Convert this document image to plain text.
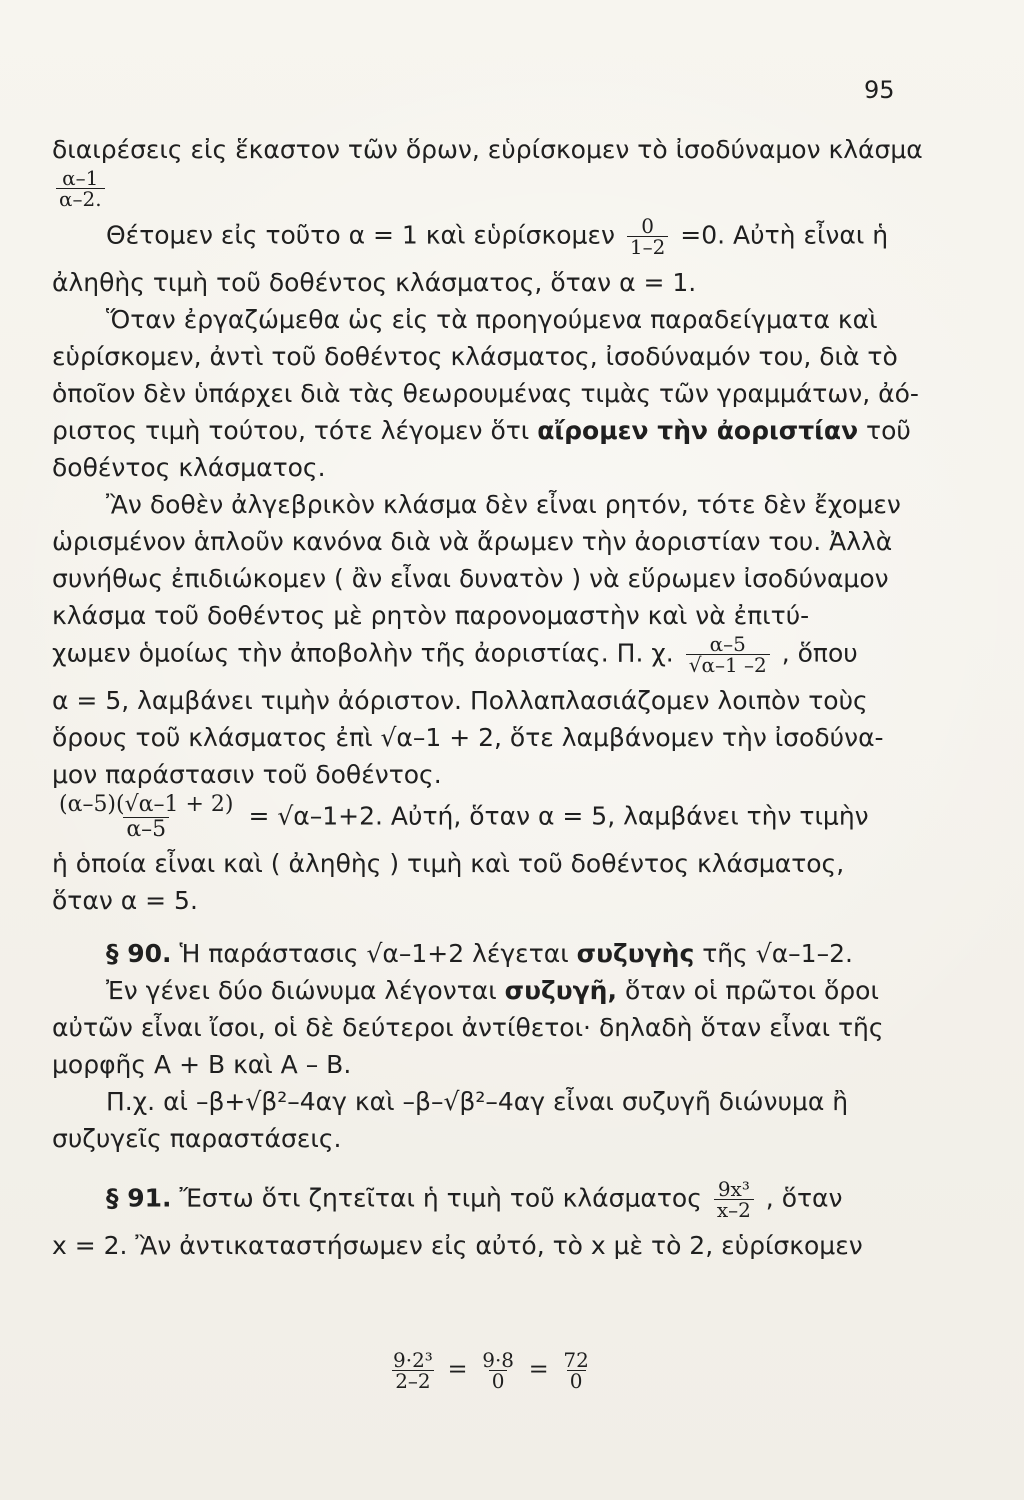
95
διαιρέσεις εἰς ἕκαστον τῶν ὅρων, εὑρίσκομεν τὸ ἰσοδύναμον κλάσμα
$\frac{\alpha-1}{\alpha-2.}$
Θέτομεν εἰς τοῦτο α = 1 καὶ εὑρίσκομεν $\frac{0}{1-2} =0$. Αὐτὴ εἶναι ἡ
ἀληθὴς τιμὴ τοῦ δοθέντος κλάσματος, ὅταν α = 1.
Ὅταν ἐργαζώμεθα ὡς εἰς τὰ προηγούμενα παραδείγματα καὶ
εὑρίσκομεν, ἀντὶ τοῦ δοθέντος κλάσματος, ἰσοδύναμόν του, διὰ τὸ
ὁποῖον δὲν ὑπάρχει διὰ τὰς θεωρουμένας τιμὰς τῶν γραμμάτων, ἀό-
ριστος τιμὴ τούτου, τότε λέγομεν ὅτι αἴρομεν τὴν ἀοριστίαν τοῦ
δοθέντος κλάσματος.
Ἂν δοθὲν ἀλγεβρικὸν κλάσμα δὲν εἶναι ρητόν, τότε δὲν ἔχομεν
ὡρισμένον ἁπλοῦν κανόνα διὰ νὰ ἄρωμεν τὴν ἀοριστίαν του. Ἀλλὰ
συνήθως ἐπιδιώκομεν ( ἂν εἶναι δυνατὸν ) νὰ εὕρωμεν ἰσοδύναμον
κλάσμα τοῦ δοθέντος μὲ ρητὸν παρονομαστὴν καὶ νὰ ἐπιτύ-
χωμεν ὁμοίως τὴν ἀποβολὴν τῆς ἀοριστίας. Π. χ. $\frac{\alpha-5}{√\alpha-1 -2}$ , ὅπου
α = 5, λαμβάνει τιμὴν ἀόριστον. Πολλαπλασιάζομεν λοιπὸν τοὺς
ὅρους τοῦ κλάσματος ἐπὶ √α–1 + 2, ὅτε λαμβάνομεν τὴν ἰσοδύνα-
μον παράστασιν τοῦ δοθέντος.
$\frac{(\alpha-5)(√\alpha-1 + 2)}{\alpha-5} = √\alpha-1+2$. Αὐτή, ὅταν α = 5, λαμβάνει τὴν τιμὴν
ἡ ὁποία εἶναι καὶ ( ἀληθὴς ) τιμὴ καὶ τοῦ δοθέντος κλάσματος,
ὅταν α = 5.
§ 90. Ἡ παράστασις √α–1+2 λέγεται συζυγὴς τῆς √α–1–2.
Ἐν γένει δύο διώνυμα λέγονται συζυγῆ, ὅταν οἱ πρῶτοι ὅροι
αὐτῶν εἶναι ἴσοι, οἱ δὲ δεύτεροι ἀντίθετοι· δηλαδὴ ὅταν εἶναι τῆς
μορφῆς Α + Β καὶ Α – Β.
Π.χ. αἱ –β+√β²–4αγ καὶ –β–√β²–4αγ εἶναι συζυγῆ διώνυμα ἢ
συζυγεῖς παραστάσεις.
§ 91. Ἔστω ὅτι ζητεῖται ἡ τιμὴ τοῦ κλάσματος $\frac{\text{9x³}}{x-2}$ , ὅταν
x = 2. Ἂν ἀντικαταστήσωμεν εἰς αὐτό, τὸ x μὲ τὸ 2, εὑρίσκομεν
$\frac{\text{9·2³}}{2-2} = \frac{9\cdot 8}{0} = \frac{72}{0}$
